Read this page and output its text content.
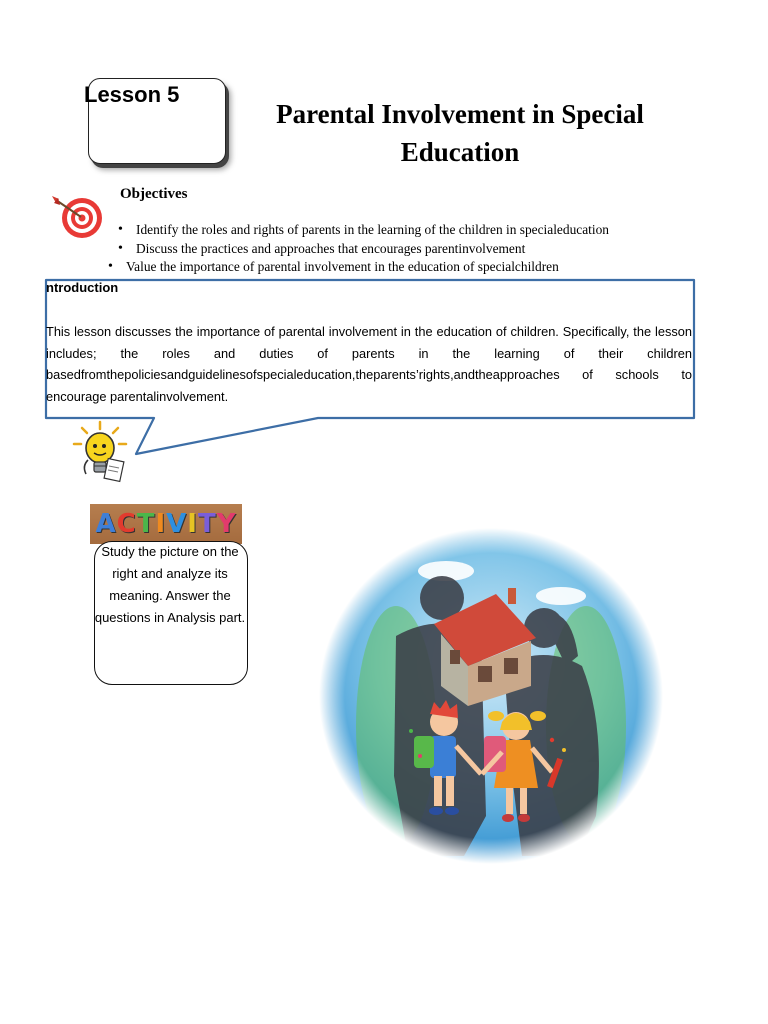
Lesson 5
Parental Involvement in Special
Education
Objectives
• Identify the roles and rights of parents in the learning of the children in specialeducation
• Discuss the practices and approaches that encourages parentinvolvement
• Value the importance of parental involvement in the education of specialchildren
ntroduction
This lesson discusses the importance of parental involvement in the education of children. Specifically, the lesson includes; the roles and duties of parents in the learning of their children basedfromthepoliciesandguidelinesofspecialeducation,theparents’rights,andtheapproaches of schools to encourage parentalinvolvement.
ACTIVITY
Study the picture on the right and analyze its meaning. Answer the questions in Analysis part.
